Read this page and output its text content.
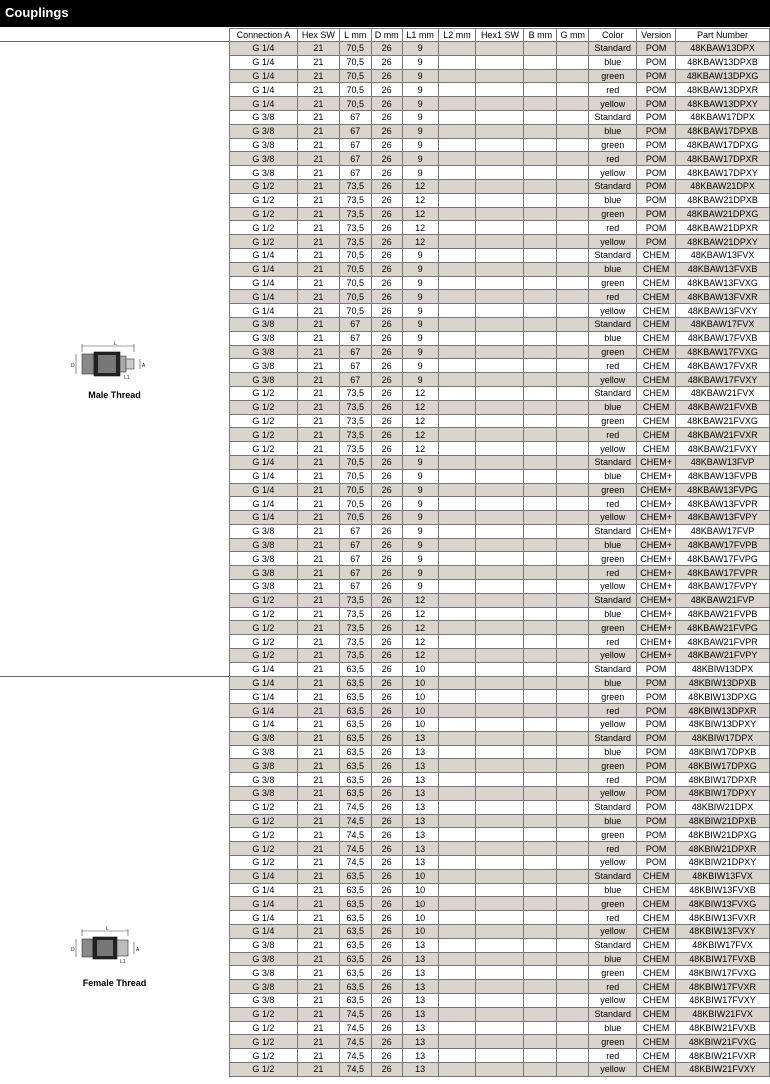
Couplings
L
D	A
L1
Male Thread
L
D	A
L1
Female Thread
Connection A	Hex SW	L mm	D mm	L1 mm	L2 mm	Hex1 SW	B mm	G mm	Color	Version	Part Number
G 1/4	21	70,5	26	9					Standard	POM	48KBAW13DPX
G 1/4	21	70,5	26	9					blue	POM	48KBAW13DPXB
G 1/4	21	70,5	26	9					green	POM	48KBAW13DPXG
G 1/4	21	70,5	26	9					red	POM	48KBAW13DPXR
G 1/4	21	70,5	26	9					yellow	POM	48KBAW13DPXY
G 3/8	21	67	26	9					Standard	POM	48KBAW17DPX
G 3/8	21	67	26	9					blue	POM	48KBAW17DPXB
G 3/8	21	67	26	9					green	POM	48KBAW17DPXG
G 3/8	21	67	26	9					red	POM	48KBAW17DPXR
G 3/8	21	67	26	9					yellow	POM	48KBAW17DPXY
G 1/2	21	73,5	26	12					Standard	POM	48KBAW21DPX
G 1/2	21	73,5	26	12					blue	POM	48KBAW21DPXB
G 1/2	21	73,5	26	12					green	POM	48KBAW21DPXG
G 1/2	21	73,5	26	12					red	POM	48KBAW21DPXR
G 1/2	21	73,5	26	12					yellow	POM	48KBAW21DPXY
G 1/4	21	70,5	26	9					Standard	CHEM	48KBAW13FVX
G 1/4	21	70,5	26	9					blue	CHEM	48KBAW13FVXB
G 1/4	21	70,5	26	9					green	CHEM	48KBAW13FVXG
G 1/4	21	70,5	26	9					red	CHEM	48KBAW13FVXR
G 1/4	21	70,5	26	9					yellow	CHEM	48KBAW13FVXY
G 3/8	21	67	26	9					Standard	CHEM	48KBAW17FVX
G 3/8	21	67	26	9					blue	CHEM	48KBAW17FVXB
G 3/8	21	67	26	9					green	CHEM	48KBAW17FVXG
G 3/8	21	67	26	9					red	CHEM	48KBAW17FVXR
G 3/8	21	67	26	9					yellow	CHEM	48KBAW17FVXY
G 1/2	21	73,5	26	12					Standard	CHEM	48KBAW21FVX
G 1/2	21	73,5	26	12					blue	CHEM	48KBAW21FVXB
G 1/2	21	73,5	26	12					green	CHEM	48KBAW21FVXG
G 1/2	21	73,5	26	12					red	CHEM	48KBAW21FVXR
G 1/2	21	73,5	26	12					yellow	CHEM	48KBAW21FVXY
G 1/4	21	70,5	26	9					Standard	CHEM+	48KBAW13FVP
G 1/4	21	70,5	26	9					blue	CHEM+	48KBAW13FVPB
G 1/4	21	70,5	26	9					green	CHEM+	48KBAW13FVPG
G 1/4	21	70,5	26	9					red	CHEM+	48KBAW13FVPR
G 1/4	21	70,5	26	9					yellow	CHEM+	48KBAW13FVPY
G 3/8	21	67	26	9					Standard	CHEM+	48KBAW17FVP
G 3/8	21	67	26	9					blue	CHEM+	48KBAW17FVPB
G 3/8	21	67	26	9					green	CHEM+	48KBAW17FVPG
G 3/8	21	67	26	9					red	CHEM+	48KBAW17FVPR
G 3/8	21	67	26	9					yellow	CHEM+	48KBAW17FVPY
G 1/2	21	73,5	26	12					Standard	CHEM+	48KBAW21FVP
G 1/2	21	73,5	26	12					blue	CHEM+	48KBAW21FVPB
G 1/2	21	73,5	26	12					green	CHEM+	48KBAW21FVPG
G 1/2	21	73,5	26	12					red	CHEM+	48KBAW21FVPR
G 1/2	21	73,5	26	12					yellow	CHEM+	48KBAW21FVPY
G 1/4	21	63,5	26	10					Standard	POM	48KBIW13DPX
G 1/4	21	63,5	26	10					blue	POM	48KBIW13DPXB
G 1/4	21	63,5	26	10					green	POM	48KBIW13DPXG
G 1/4	21	63,5	26	10					red	POM	48KBIW13DPXR
G 1/4	21	63,5	26	10					yellow	POM	48KBIW13DPXY
G 3/8	21	63,5	26	13					Standard	POM	48KBIW17DPX
G 3/8	21	63,5	26	13					blue	POM	48KBIW17DPXB
G 3/8	21	63,5	26	13					green	POM	48KBIW17DPXG
G 3/8	21	63,5	26	13					red	POM	48KBIW17DPXR
G 3/8	21	63,5	26	13					yellow	POM	48KBIW17DPXY
G 1/2	21	74,5	26	13					Standard	POM	48KBIW21DPX
G 1/2	21	74,5	26	13					blue	POM	48KBIW21DPXB
G 1/2	21	74,5	26	13					green	POM	48KBIW21DPXG
G 1/2	21	74,5	26	13					red	POM	48KBIW21DPXR
G 1/2	21	74,5	26	13					yellow	POM	48KBIW21DPXY
G 1/4	21	63,5	26	10					Standard	CHEM	48KBIW13FVX
G 1/4	21	63,5	26	10					blue	CHEM	48KBIW13FVXB
G 1/4	21	63,5	26	10					green	CHEM	48KBIW13FVXG
G 1/4	21	63,5	26	10					red	CHEM	48KBIW13FVXR
G 1/4	21	63,5	26	10					yellow	CHEM	48KBIW13FVXY
G 3/8	21	63,5	26	13					Standard	CHEM	48KBIW17FVX
G 3/8	21	63,5	26	13					blue	CHEM	48KBIW17FVXB
G 3/8	21	63,5	26	13					green	CHEM	48KBIW17FVXG
G 3/8	21	63,5	26	13					red	CHEM	48KBIW17FVXR
G 3/8	21	63,5	26	13					yellow	CHEM	48KBIW17FVXY
G 1/2	21	74,5	26	13					Standard	CHEM	48KBIW21FVX
G 1/2	21	74,5	26	13					blue	CHEM	48KBIW21FVXB
G 1/2	21	74,5	26	13					green	CHEM	48KBIW21FVXG
G 1/2	21	74,5	26	13					red	CHEM	48KBIW21FVXR
G 1/2	21	74,5	26	13					yellow	CHEM	48KBIW21FVXY
